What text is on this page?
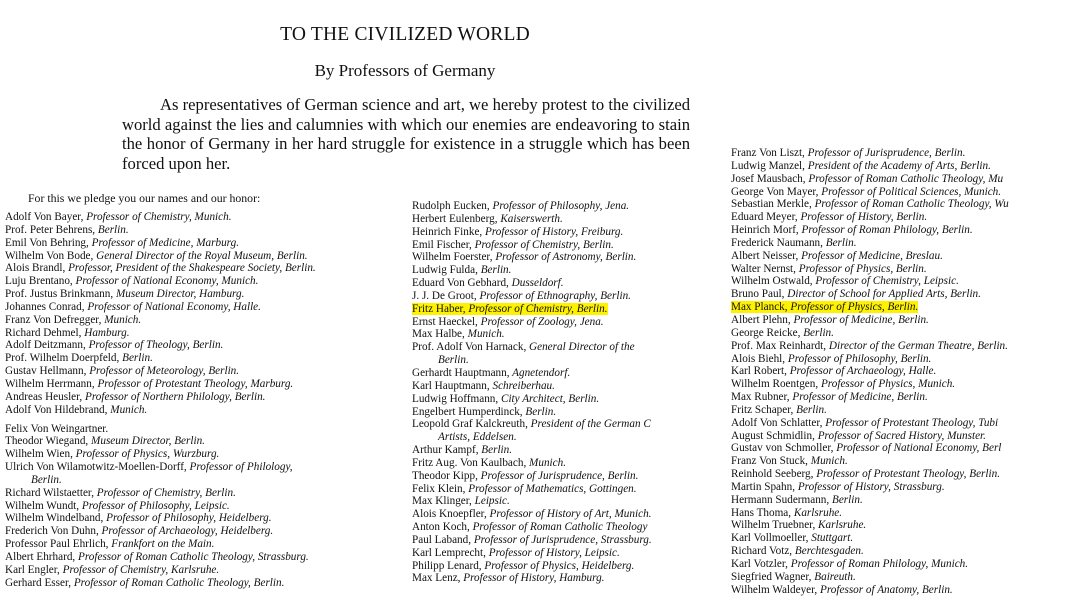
TO THE CIVILIZED WORLD
By Professors of Germany
As representatives of German science and art, we hereby protest to the civilized world against the lies and calumnies with which our enemies are endeavoring to stain the honor of Germany in her hard struggle for existence in a struggle which has been forced upon her.
For this we pledge you our names and our honor:
Adolf Von Bayer, Professor of Chemistry, Munich.
Prof. Peter Behrens, Berlin.
Emil Von Behring, Professor of Medicine, Marburg.
Wilhelm Von Bode, General Director of the Royal Museum, Berlin.
Alois Brandl, Professor, President of the Shakespeare Society, Berlin.
Luju Brentano, Professor of National Economy, Munich.
Prof. Justus Brinkmann, Museum Director, Hamburg.
Johannes Conrad, Professor of National Economy, Halle.
Franz Von Defregger, Munich.
Richard Dehmel, Hamburg.
Adolf Deitzmann, Professor of Theology, Berlin.
Prof. Wilhelm Doerpfeld, Berlin.
Gustav Hellmann, Professor of Meteorology, Berlin.
Wilhelm Herrmann, Professor of Protestant Theology, Marburg.
Andreas Heusler, Professor of Northern Philology, Berlin.
Adolf Von Hildebrand, Munich.
Felix Von Weingartner.
Theodor Wiegand, Museum Director, Berlin.
Wilhelm Wien, Professor of Physics, Wurzburg.
Ulrich Von Wilamotwitz-Moellen-Dorff, Professor of Philology,
Berlin.
Richard Wilstaetter, Professor of Chemistry, Berlin.
Wilhelm Wundt, Professor of Philosophy, Leipsic.
Wilhelm Windelband, Professor of Philosophy, Heidelberg.
Frederich Von Duhn, Professor of Archaeology, Heidelberg.
Professor Paul Ehrlich, Frankfort on the Main.
Albert Ehrhard, Professor of Roman Catholic Theology, Strassburg.
Karl Engler, Professor of Chemistry, Karlsruhe.
Gerhard Esser, Professor of Roman Catholic Theology, Berlin.
Rudolph Eucken, Professor of Philosophy, Jena.
Herbert Eulenberg, Kaiserswerth.
Heinrich Finke, Professor of History, Freiburg.
Emil Fischer, Professor of Chemistry, Berlin.
Wilhelm Foerster, Professor of Astronomy, Berlin.
Ludwig Fulda, Berlin.
Eduard Von Gebhard, Dusseldorf.
J. J. De Groot, Professor of Ethnography, Berlin.
Fritz Haber, Professor of Chemistry, Berlin.
Ernst Haeckel, Professor of Zoology, Jena.
Max Halbe, Munich.
Prof. Adolf Von Harnack, General Director of the
Berlin.
Gerhardt Hauptmann, Agnetendorf.
Karl Hauptmann, Schreiberhau.
Ludwig Hoffmann, City Architect, Berlin.
Engelbert Humperdinck, Berlin.
Leopold Graf Kalckreuth, President of the German C
Artists, Eddelsen.
Arthur Kampf, Berlin.
Fritz Aug. Von Kaulbach, Munich.
Theodor Kipp, Professor of Jurisprudence, Berlin.
Felix Klein, Professor of Mathematics, Gottingen.
Max Klinger, Leipsic.
Alois Knoepfler, Professor of History of Art, Munich.
Anton Koch, Professor of Roman Catholic Theology
Paul Laband, Professor of Jurisprudence, Strassburg.
Karl Lemprecht, Professor of History, Leipsic.
Philipp Lenard, Professor of Physics, Heidelberg.
Max Lenz, Professor of History, Hamburg.
Franz Von Liszt, Professor of Jurisprudence, Berlin.
Ludwig Manzel, President of the Academy of Arts, Berlin.
Josef Mausbach, Professor of Roman Catholic Theology, Mu
George Von Mayer, Professor of Political Sciences, Munich.
Sebastian Merkle, Professor of Roman Catholic Theology, Wu
Eduard Meyer, Professor of History, Berlin.
Heinrich Morf, Professor of Roman Philology, Berlin.
Frederick Naumann, Berlin.
Albert Neisser, Professor of Medicine, Breslau.
Walter Nernst, Professor of Physics, Berlin.
Wilhelm Ostwald, Professor of Chemistry, Leipsic.
Bruno Paul, Director of School for Applied Arts, Berlin.
Max Planck, Professor of Physics, Berlin.
Albert Plehn, Professor of Medicine, Berlin.
George Reicke, Berlin.
Prof. Max Reinhardt, Director of the German Theatre, Berlin.
Alois Biehl, Professor of Philosophy, Berlin.
Karl Robert, Professor of Archaeology, Halle.
Wilhelm Roentgen, Professor of Physics, Munich.
Max Rubner, Professor of Medicine, Berlin.
Fritz Schaper, Berlin.
Adolf Von Schlatter, Professor of Protestant Theology, Tubi
August Schmidlin, Professor of Sacred History, Munster.
Gustav von Schmoller, Professor of National Economy, Berl
Franz Von Stuck, Munich.
Reinhold Seeberg, Professor of Protestant Theology, Berlin.
Martin Spahn, Professor of History, Strassburg.
Hermann Sudermann, Berlin.
Hans Thoma, Karlsruhe.
Wilhelm Truebner, Karlsruhe.
Karl Vollmoeller, Stuttgart.
Richard Votz, Berchtesgaden.
Karl Votzler, Professor of Roman Philology, Munich.
Siegfried Wagner, Baireuth.
Wilhelm Waldeyer, Professor of Anatomy, Berlin.
